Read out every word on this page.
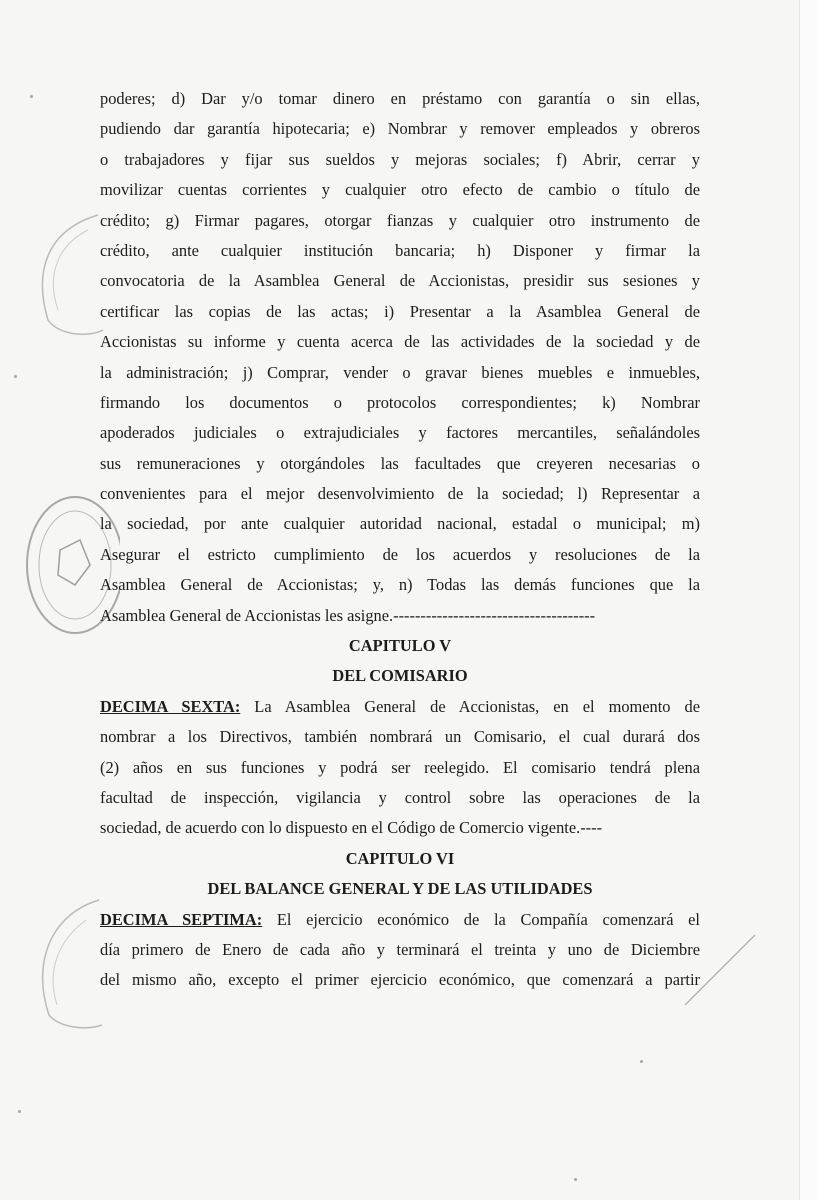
poderes; d) Dar y/o tomar dinero en préstamo con garantía o sin ellas,
pudiendo dar garantía hipotecaria; e) Nombrar y remover empleados y obreros
o trabajadores y fijar sus sueldos y mejoras sociales; f) Abrir, cerrar y
movilizar cuentas corrientes y cualquier otro efecto de cambio o título de
crédito; g) Firmar pagares, otorgar fianzas y cualquier otro instrumento de
crédito, ante cualquier institución bancaria; h) Disponer y firmar la
convocatoria de la Asamblea General de Accionistas, presidir sus sesiones y
certificar las copias de las actas; i) Presentar a la Asamblea General de
Accionistas su informe y cuenta acerca de las actividades de la sociedad y de
la administración; j) Comprar, vender o gravar bienes muebles e inmuebles,
firmando los documentos o protocolos correspondientes; k) Nombrar
apoderados judiciales o extrajudiciales y factores mercantiles, señalándoles
sus remuneraciones y otorgándoles las facultades que creyeren necesarias o
convenientes para el mejor desenvolvimiento de la sociedad; l) Representar a
la sociedad, por ante cualquier autoridad nacional, estadal o municipal; m)
Asegurar el estricto cumplimiento de los acuerdos y resoluciones de la
Asamblea General de Accionistas; y, n) Todas las demás funciones que la
Asamblea General de Accionistas les asigne.-------------------------------------

CAPITULO V
DEL COMISARIO

DECIMA SEXTA: La Asamblea General de Accionistas, en el momento de
nombrar a los Directivos, también nombrará un Comisario, el cual durará dos
(2) años en sus funciones y podrá ser reelegido. El comisario tendrá plena
facultad de inspección, vigilancia y control sobre las operaciones de la
sociedad, de acuerdo con lo dispuesto en el Código de Comercio vigente.----

CAPITULO VI
DEL BALANCE GENERAL Y DE LAS UTILIDADES

DECIMA SEPTIMA: El ejercicio económico de la Compañía comenzará el
día primero de Enero de cada año y terminará el treinta y uno de Diciembre
del mismo año, excepto el primer ejercicio económico, que comenzará a partir
